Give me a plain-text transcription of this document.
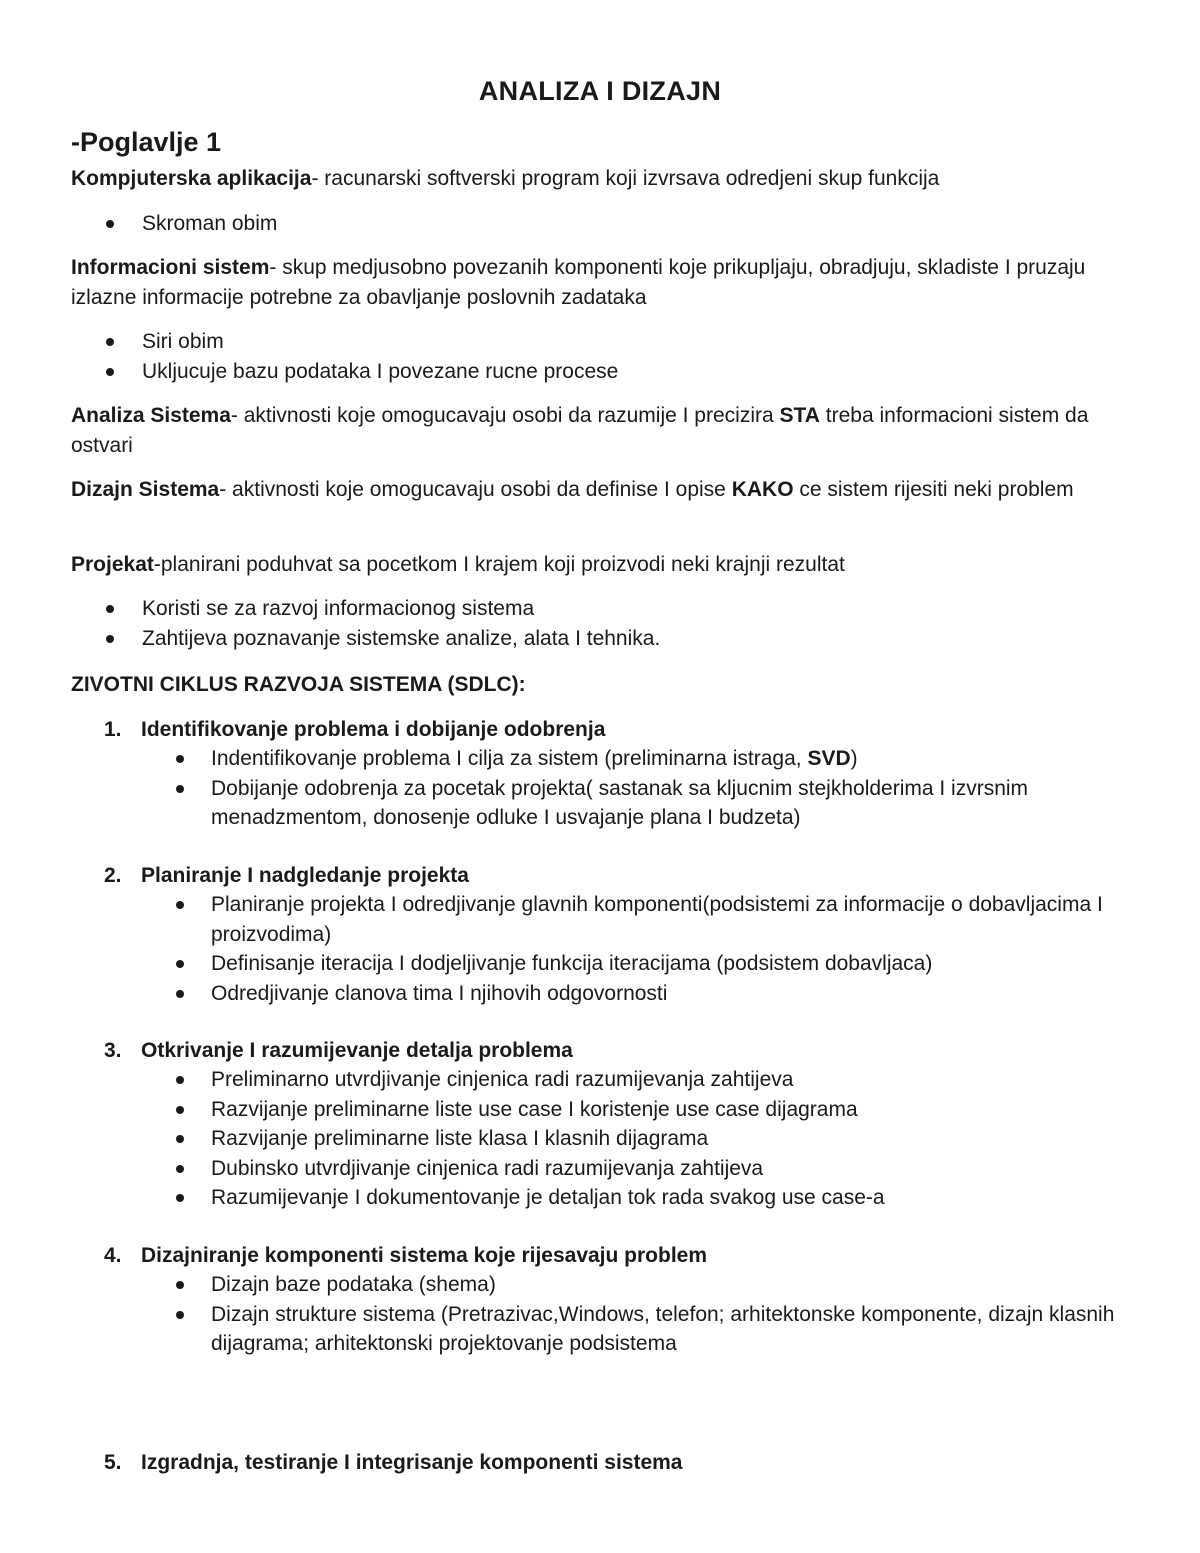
ANALIZA I DIZAJN
-Poglavlje 1

Kompjuterska aplikacija- racunarski softverski program koji izvrsava odredjeni skup funkcija

Skroman obim

Informacioni sistem- skup medjusobno povezanih komponenti koje prikupljaju, obradjuju, skladiste I pruzaju izlazne informacije potrebne za obavljanje poslovnih zadataka

Siri obim
Ukljucuje bazu podataka I povezane rucne procese

Analiza Sistema- aktivnosti koje omogucavaju osobi da razumije I precizira STA treba informacioni sistem da ostvari

Dizajn Sistema- aktivnosti koje omogucavaju osobi da definise I opise KAKO ce sistem rijesiti neki problem

Projekat-planirani poduhvat sa pocetkom I krajem koji proizvodi neki krajnji rezultat

Koristi se za razvoj informacionog sistema
Zahtijeva poznavanje sistemske analize, alata I tehnika.

ZIVOTNI CIKLUS RAZVOJA SISTEMA (SDLC):

1. Identifikovanje problema i dobijanje odobrenja
Indentifikovanje problema I cilja za sistem (preliminarna istraga, SVD)
Dobijanje odobrenja za pocetak projekta( sastanak sa kljucnim stejkholderima I izvrsnim menadzmentom, donosenje odluke I usvajanje plana I budzeta)
2. Planiranje I nadgledanje projekta
Planiranje projekta I odredjivanje glavnih komponenti(podsistemi za informacije o dobavljacima I proizvodima)
Definisanje iteracija I dodjeljivanje funkcija iteracijama (podsistem dobavljaca)
Odredjivanje clanova tima I njihovih odgovornosti
3. Otkrivanje I razumijevanje detalja problema
Preliminarno utvrdjivanje cinjenica radi razumijevanja zahtijeva
Razvijanje preliminarne liste use case I koristenje use case dijagrama
Razvijanje preliminarne liste klasa I klasnih dijagrama
Dubinsko utvrdjivanje cinjenica radi razumijevanja zahtijeva
Razumijevanje I dokumentovanje je detaljan tok rada svakog use case-a
4. Dizajniranje komponenti sistema koje rijesavaju problem
Dizajn baze podataka (shema)
Dizajn strukture sistema (Pretrazivac,Windows, telefon; arhitektonske komponente, dizajn klasnih dijagrama; arhitektonski projektovanje podsistema
5. Izgradnja, testiranje I integrisanje komponenti sistema
